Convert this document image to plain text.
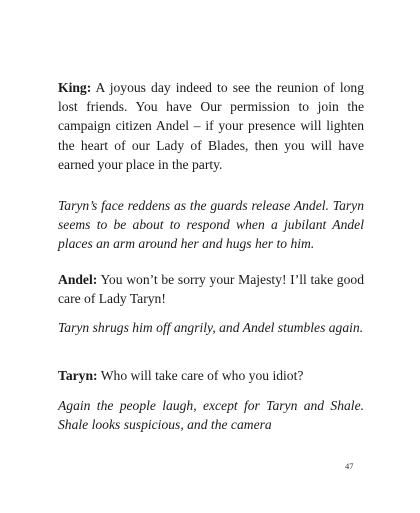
King: A joyous day indeed to see the reunion of long lost friends. You have Our permission to join the campaign citizen Andel – if your presence will lighten the heart of our Lady of Blades, then you will have earned your place in the party.

Taryn’s face reddens as the guards release Andel. Taryn seems to be about to respond when a jubilant Andel places an arm around her and hugs her to him.

Andel: You won’t be sorry your Majesty! I’ll take good care of Lady Taryn!

Taryn shrugs him off angrily, and Andel stumbles again.

Taryn: Who will take care of who you idiot?

Again the people laugh, except for Taryn and Shale. Shale looks suspicious, and the camera

47
